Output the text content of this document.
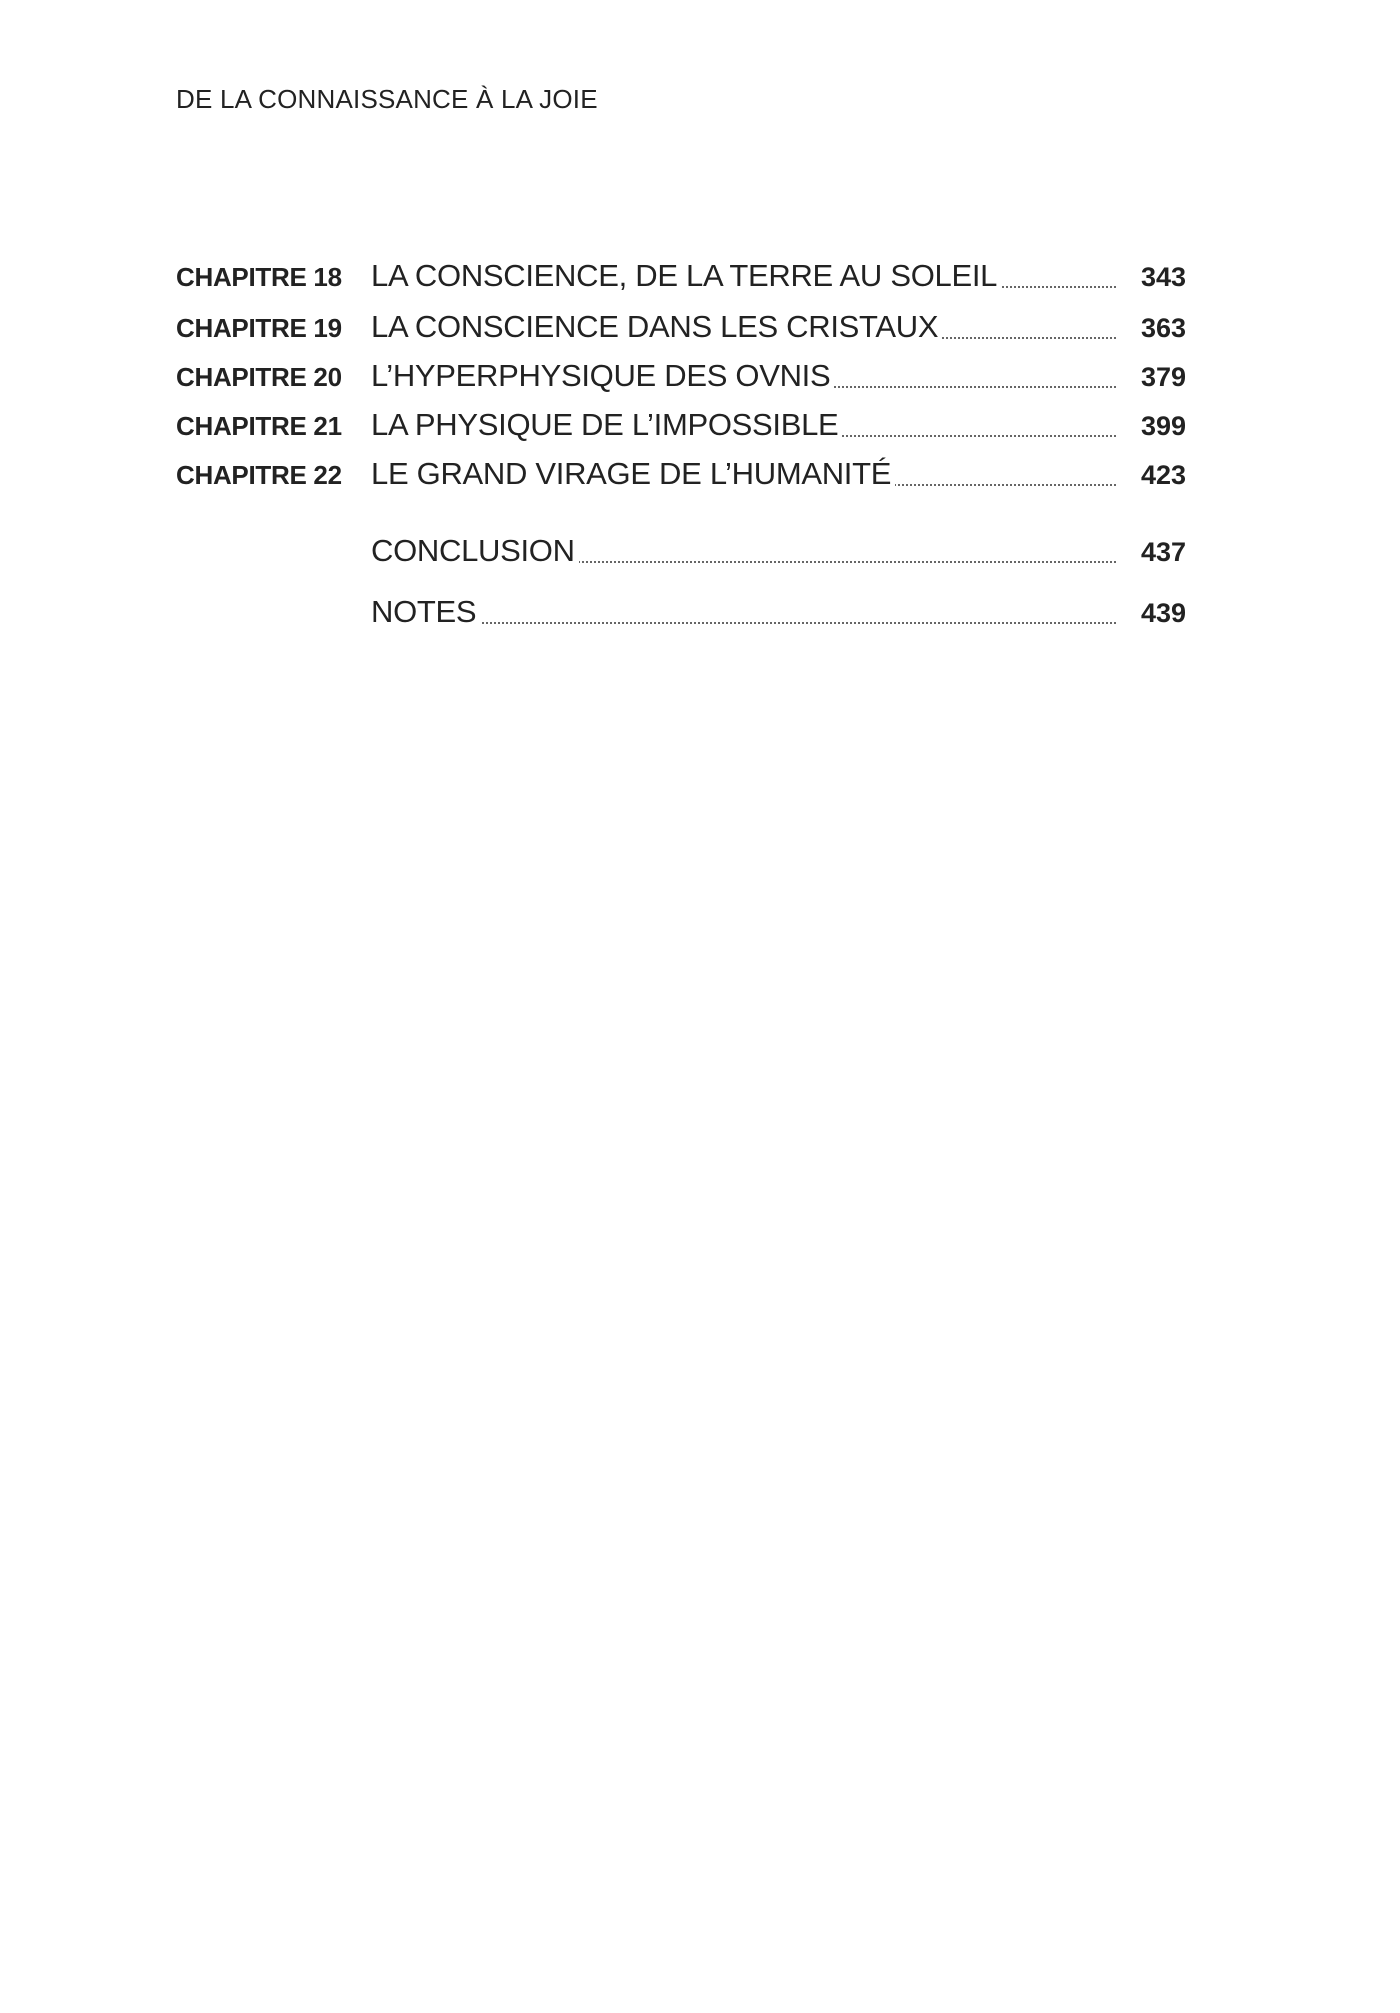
DE LA CONNAISSANCE À LA JOIE
CHAPITRE 18 LA CONSCIENCE, DE LA TERRE AU SOLEIL	343
CHAPITRE 19 LA CONSCIENCE DANS LES CRISTAUX	363
CHAPITRE 20 L’HYPERPHYSIQUE DES OVNIS	379
CHAPITRE 21 LA PHYSIQUE DE L’IMPOSSIBLE	399
CHAPITRE 22 LE GRAND VIRAGE DE L’HUMANITÉ	423
CONCLUSION	437
NOTES	439
